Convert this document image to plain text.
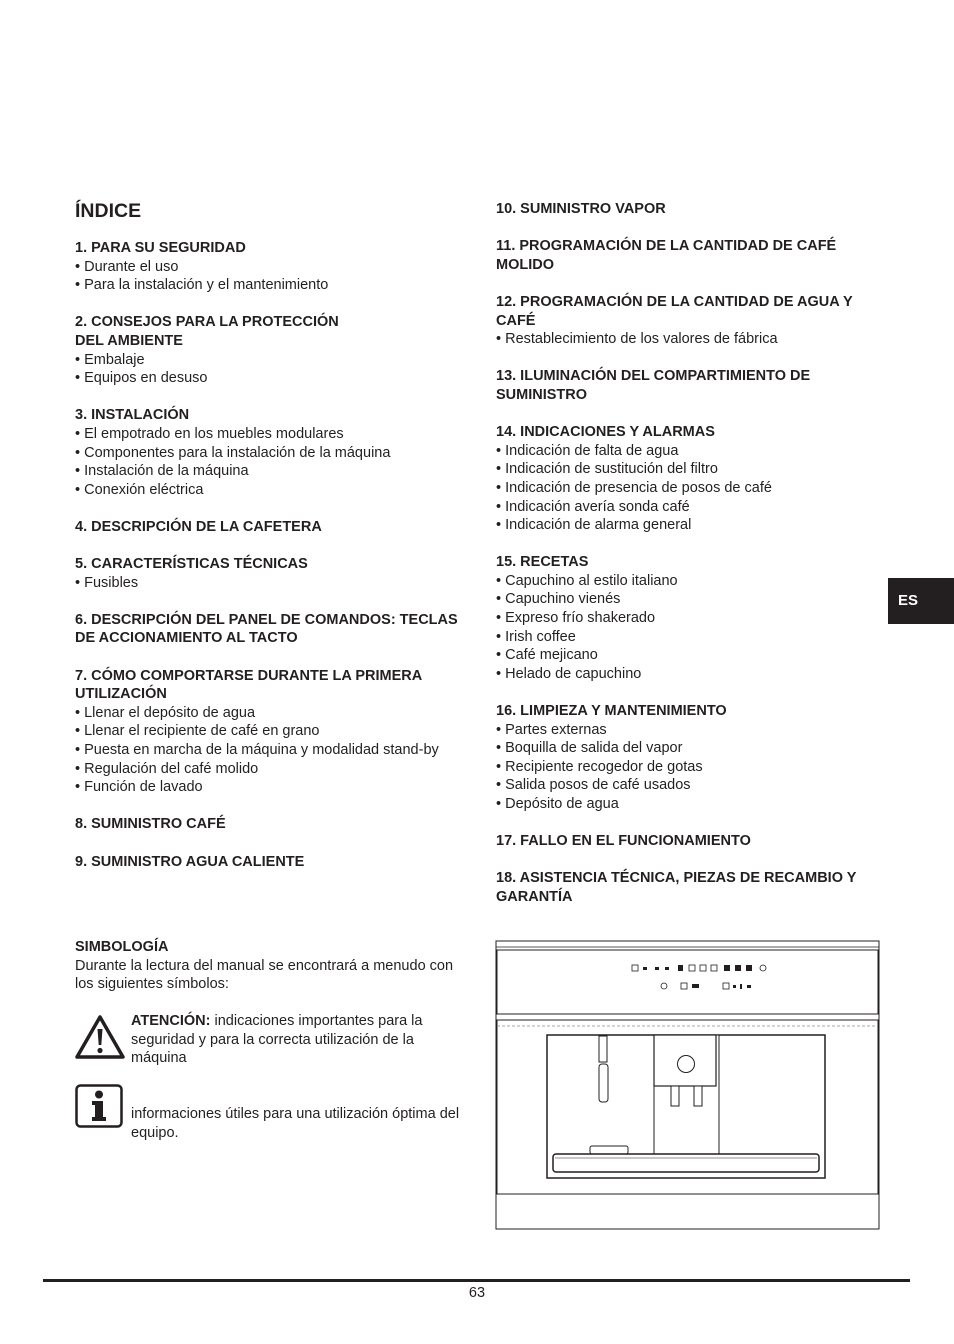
ÍNDICE
1. PARA SU SEGURIDAD
• Durante el uso
• Para la instalación y el mantenimiento
2. CONSEJOS PARA LA PROTECCIÓN DEL AMBIENTE
• Embalaje
• Equipos en desuso
3. INSTALACIÓN
• El empotrado en los muebles modulares
• Componentes para la instalación de la máquina
• Instalación de la máquina
• Conexión eléctrica
4. DESCRIPCIÓN DE LA CAFETERA
5. CARACTERÍSTICAS TÉCNICAS
• Fusibles
6. DESCRIPCIÓN DEL PANEL DE COMANDOS: TECLAS DE ACCIONAMIENTO AL TACTO
7. CÓMO COMPORTARSE DURANTE LA PRIMERA UTILIZACIÓN
• Llenar el depósito de agua
• Llenar el recipiente de café en grano
• Puesta en marcha de la máquina y modalidad stand-by
• Regulación del café molido
• Función de lavado
8. SUMINISTRO CAFÉ
9. SUMINISTRO AGUA CALIENTE
10. SUMINISTRO VAPOR
11. PROGRAMACIÓN DE LA CANTIDAD DE CAFÉ MOLIDO
12. PROGRAMACIÓN DE LA CANTIDAD DE AGUA Y CAFÉ
• Restablecimiento de los valores de fábrica
13. ILUMINACIÓN DEL COMPARTIMIENTO DE SUMINISTRO
14. INDICACIONES Y ALARMAS
• Indicación de falta de agua
• Indicación de sustitución del filtro
• Indicación de presencia de posos de café
• Indicación avería sonda café
• Indicación de alarma general
15. RECETAS
• Capuchino al estilo italiano
• Capuchino vienés
• Expreso frío shakerado
• Irish coffee
• Café mejicano
• Helado de capuchino
16. LIMPIEZA Y MANTENIMIENTO
• Partes externas
• Boquilla de salida del vapor
• Recipiente recogedor de gotas
• Salida posos de café usados
• Depósito de agua
17. FALLO EN EL FUNCIONAMIENTO
18. ASISTENCIA TÉCNICA, PIEZAS DE RECAMBIO Y GARANTÍA
ES
SIMBOLOGÍA
Durante la lectura del manual se encontrará a menudo con los siguientes símbolos:
ATENCIÓN: indicaciones importantes para la seguridad y para la correcta utilización de la máquina
informaciones útiles para una utilización óptima del equipo.
63
